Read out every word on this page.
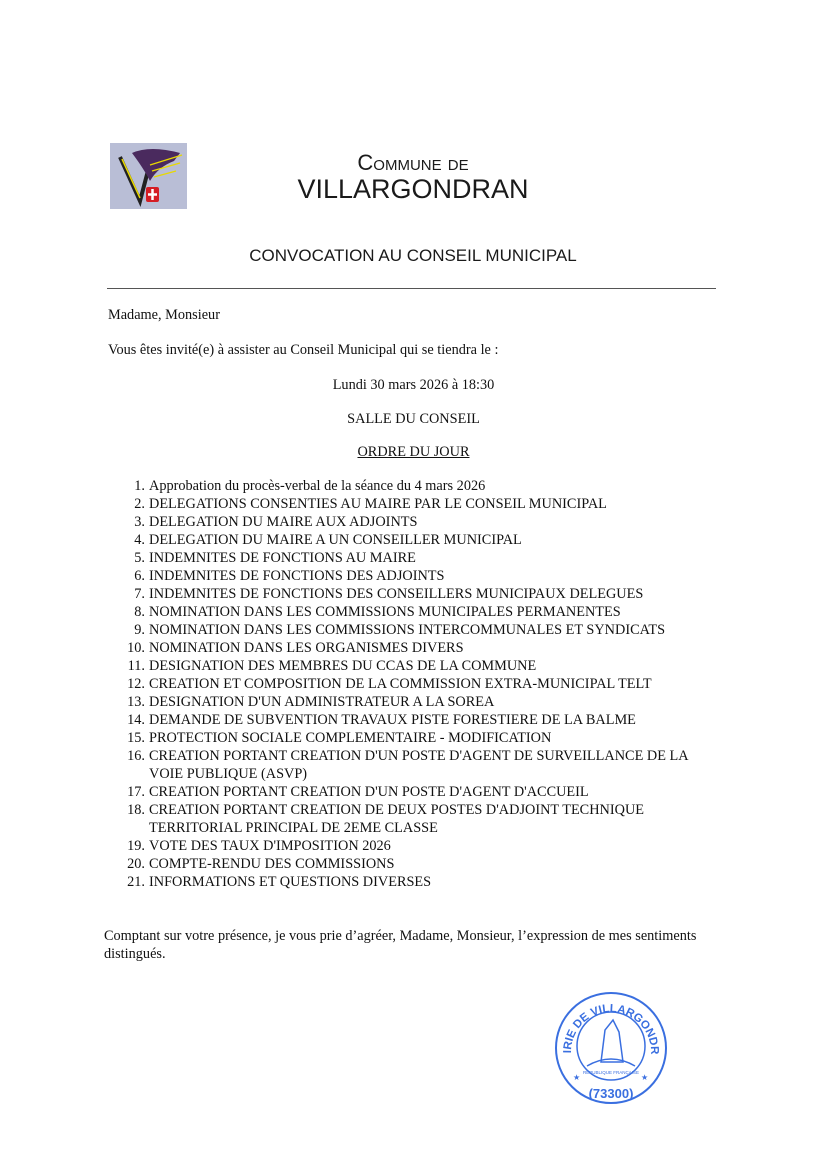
Commune de
VILLARGONDRAN
CONVOCATION AU CONSEIL MUNICIPAL
Madame, Monsieur
Vous êtes invité(e) à assister au Conseil Municipal qui se tiendra le :
Lundi 30 mars 2026 à 18:30
SALLE DU CONSEIL
ORDRE DU JOUR
1. Approbation du procès-verbal de la séance du 4 mars 2026
2. DELEGATIONS CONSENTIES AU MAIRE PAR LE CONSEIL MUNICIPAL
3. DELEGATION DU MAIRE AUX ADJOINTS
4. DELEGATION DU MAIRE A UN CONSEILLER MUNICIPAL
5. INDEMNITES DE FONCTIONS AU MAIRE
6. INDEMNITES DE FONCTIONS DES ADJOINTS
7. INDEMNITES DE FONCTIONS DES CONSEILLERS MUNICIPAUX DELEGUES
8. NOMINATION DANS LES COMMISSIONS MUNICIPALES PERMANENTES
9. NOMINATION DANS LES COMMISSIONS INTERCOMMUNALES ET SYNDICATS
10. NOMINATION DANS LES ORGANISMES DIVERS
11. DESIGNATION DES MEMBRES DU CCAS DE LA COMMUNE
12. CREATION ET COMPOSITION DE LA COMMISSION EXTRA-MUNICIPAL TELT
13. DESIGNATION D'UN ADMINISTRATEUR A LA SOREA
14. DEMANDE DE SUBVENTION TRAVAUX PISTE FORESTIERE DE LA BALME
15. PROTECTION SOCIALE COMPLEMENTAIRE - MODIFICATION
16. CREATION PORTANT CREATION D'UN POSTE D'AGENT DE SURVEILLANCE DE LA VOIE PUBLIQUE (ASVP)
17. CREATION PORTANT CREATION D'UN POSTE D'AGENT D'ACCUEIL
18. CREATION PORTANT CREATION DE DEUX POSTES D'ADJOINT TECHNIQUE TERRITORIAL PRINCIPAL DE 2EME CLASSE
19. VOTE DES TAUX D'IMPOSITION 2026
20. COMPTE-RENDU DES COMMISSIONS
21. INFORMATIONS ET QUESTIONS DIVERSES
Comptant sur votre présence, je vous prie d’agréer, Madame, Monsieur, l’expression de mes sentiments distingués.
IRIE DE VILLARGONDR
RÉPUBLIQUE FRANÇAISE
★	★
(73300)
